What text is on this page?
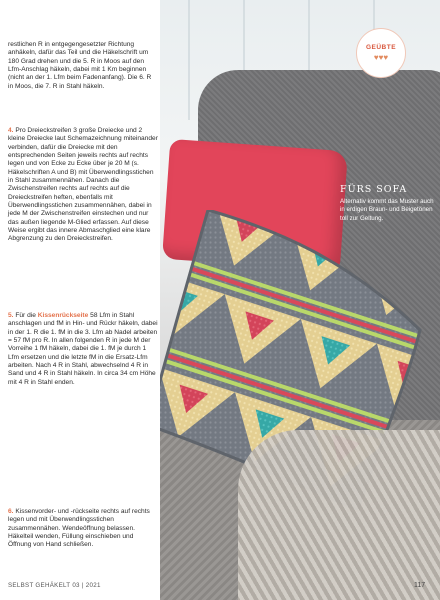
GEÜBTE
♥♥♥
FÜRS SOFA
Alternativ kommt das Muster auch in erdigen Braun- und Beigetönen toll zur Geltung.
117

restlichen R in entgegengesetzter Richtung anhäkeln, dafür das Teil und die Häkelschrift um 180 Grad drehen und die 5. R in Moos auf den Lfm-Anschlag häkeln, dabei mit 1 Km beginnen (nicht an der 1. Lfm beim Fadenanfang). Die 6. R in Moos, die 7. R in Stahl häkeln.

4. Pro Dreieckstreifen 3 große Dreiecke und 2 kleine Dreiecke laut Schemazeichnung miteinander verbinden, dafür die Dreiecke mit den entsprechenden Seiten jeweils rechts auf rechts legen und von Ecke zu Ecke über je 20 M (s. Häkelschriften A und B) mit Überwendlingsstichen in Stahl zusammennähen. Danach die Zwischenstreifen rechts auf rechts auf die Dreieckstreifen heften, ebenfalls mit Überwendlingsstichen zusammennähen, dabei in jede M der Zwischenstreifen einstechen und nur das außen liegende M-Glied erfassen. Auf diese Weise ergibt das innere Abmaschglied eine klare Abgrenzung zu den Dreieckstreifen.

5. Für die Kissenrückseite 58 Lfm in Stahl anschlagen und fM in Hin- und Rückr häkeln, dabei in der 1. R die 1. fM in die 3. Lfm ab Nadel arbeiten = 57 fM pro R. In allen folgenden R in jede M der Vorreihe 1 fM häkeln, dabei die 1. fM je durch 1 Lfm ersetzen und die letzte fM in die Ersatz-Lfm arbeiten. Nach 4 R in Stahl, abwechselnd 4 R in Sand und 4 R in Stahl häkeln. In circa 34 cm Höhe mit 4 R in Stahl enden.

6. Kissenvorder- und -rückseite rechts auf rechts legen und mit Überwendlingsstichen zusammennähen. Wendeöffnung belassen. Häkelteil wenden, Füllung einschieben und Öffnung von Hand schließen.

SELBST GEHÄKELT 03 | 2021
